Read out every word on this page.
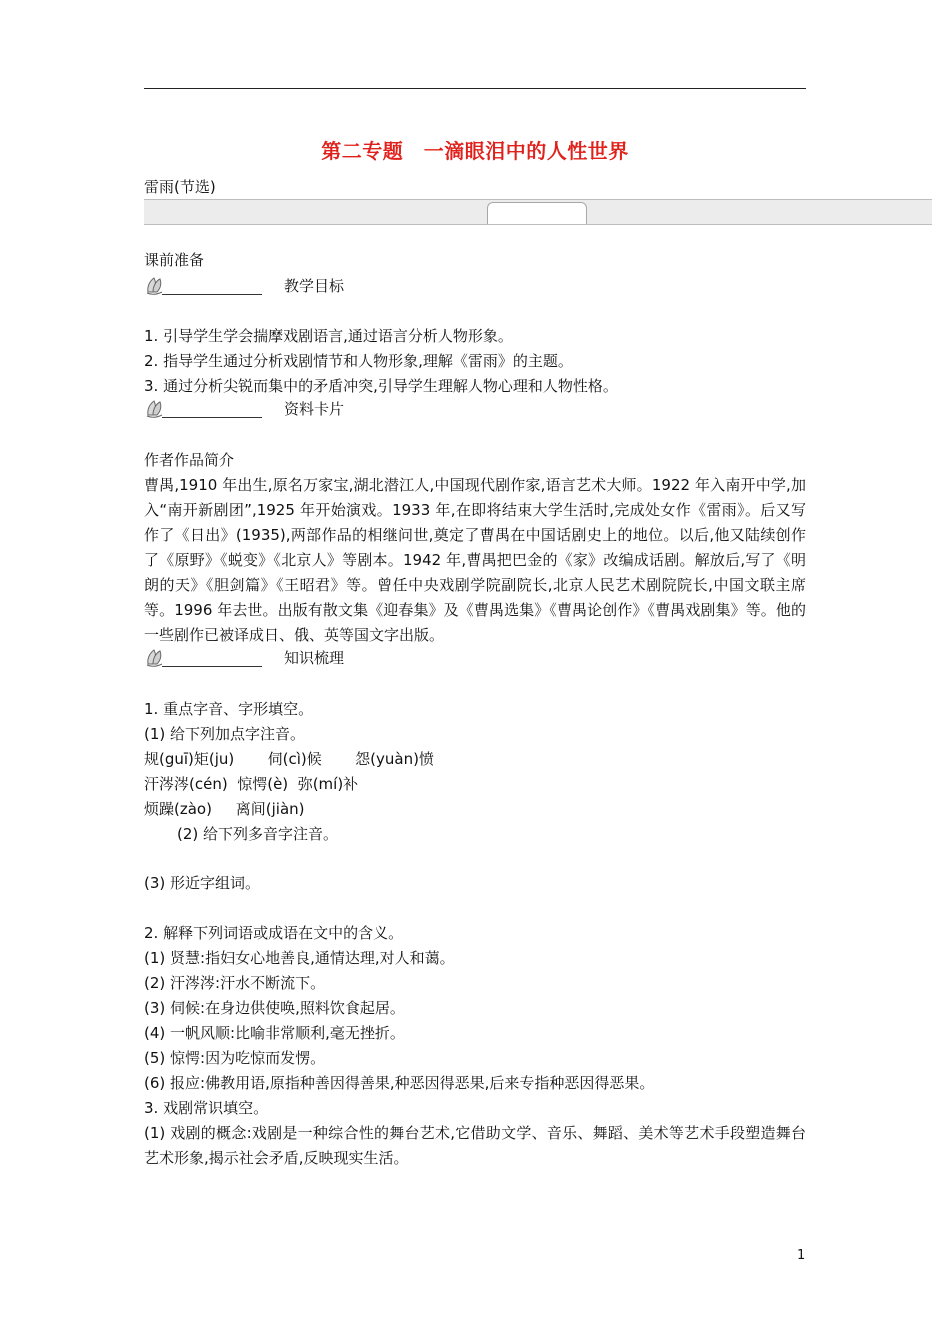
第二专题　一滴眼泪中的人性世界
雷雨(节选)
课前准备
教学目标
1. 引导学生学会揣摩戏剧语言,通过语言分析人物形象。
2. 指导学生通过分析戏剧情节和人物形象,理解《雷雨》的主题。
3. 通过分析尖锐而集中的矛盾冲突,引导学生理解人物心理和人物性格。
资料卡片
作者作品简介
曹禺,1910 年出生,原名万家宝,湖北潜江人,中国现代剧作家,语言艺术大师。1922 年入南开中学,加入“南开新剧团”,1925 年开始演戏。1933 年,在即将结束大学生活时,完成处女作《雷雨》。后又写作了《日出》(1935),两部作品的相继问世,奠定了曹禺在中国话剧史上的地位。以后,他又陆续创作了《原野》《蜕变》《北京人》等剧本。1942 年,曹禺把巴金的《家》改编成话剧。解放后,写了《明朗的天》《胆剑篇》《王昭君》等。曾任中央戏剧学院副院长,北京人民艺术剧院院长,中国文联主席等。1996 年去世。出版有散文集《迎春集》及《曹禺选集》《曹禺论创作》《曹禺戏剧集》等。他的一些剧作已被译成日、俄、英等国文字出版。
知识梳理
1. 重点字音、字形填空。
(1) 给下列加点字注音。
规(guī)矩(ju)       伺(cì)候       怨(yuàn)愤
汗涔涔(cén)  惊愕(è)  弥(mí)补
烦躁(zào)     离间(jiàn)
(2) 给下列多音字注音。
(3) 形近字组词。
2. 解释下列词语或成语在文中的含义。
(1) 贤慧:指妇女心地善良,通情达理,对人和蔼。
(2) 汗涔涔:汗水不断流下。
(3) 伺候:在身边供使唤,照料饮食起居。
(4) 一帆风顺:比喻非常顺利,毫无挫折。
(5) 惊愕:因为吃惊而发愣。
(6) 报应:佛教用语,原指种善因得善果,种恶因得恶果,后来专指种恶因得恶果。
3. 戏剧常识填空。
(1) 戏剧的概念:戏剧是一种综合性的舞台艺术,它借助文学、音乐、舞蹈、美术等艺术手段塑造舞台艺术形象,揭示社会矛盾,反映现实生活。
1
